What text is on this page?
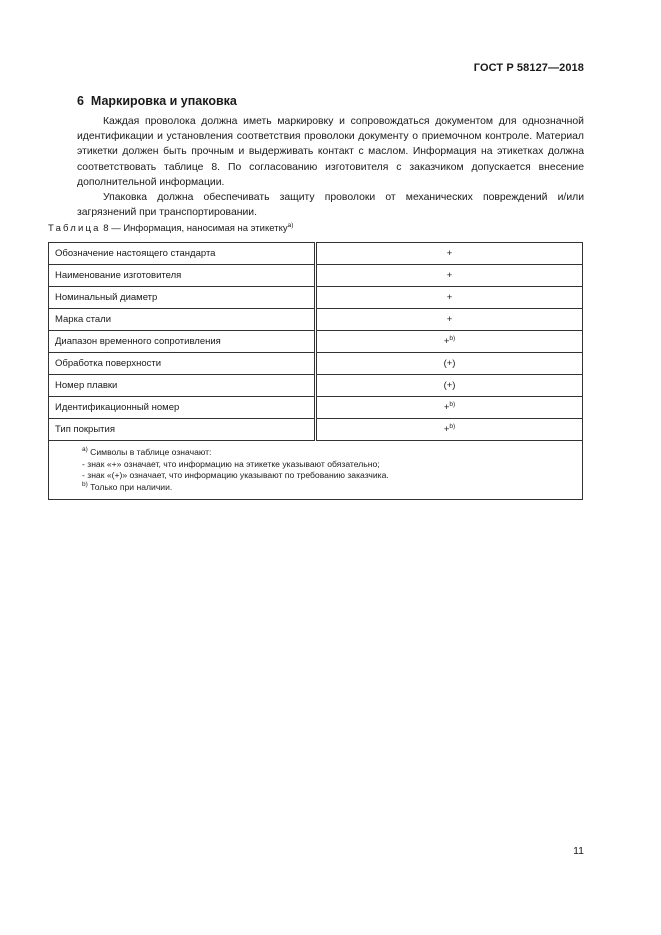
ГОСТ Р 58127—2018
6 Маркировка и упаковка

Каждая проволока должна иметь маркировку и сопровождаться документом для однозначной идентификации и установления соответствия проволоки документу о приемочном контроле. Материал этикетки должен быть прочным и выдерживать контакт с маслом. Информация на этикетках должна соответствовать таблице 8. По согласованию изготовителя с заказчиком допускается внесение дополнительной информации.

Упаковка должна обеспечивать защиту проволоки от механических повреждений и/или загрязнений при транспортировании.

Таблица 8 — Информация, наносимая на этикетку$^{а)}$
Обозначение настоящего стандарта	+
Наименование изготовителя	+
Номинальный диаметр	+
Марка стали	+
Диапазон временного сопротивления	+$^{b)}$
Обработка поверхности	(+)
Номер плавки	(+)
Идентификационный номер	+$^{b)}$
Тип покрытия	+$^{b)}$

$^{a)}$ Символы в таблице означают:
- знак «+» означает, что информацию на этикетке указывают обязательно;
- знак «(+)» означает, что информацию указывают по требованию заказчика.
$^{b)}$ Только при наличии.	
11
